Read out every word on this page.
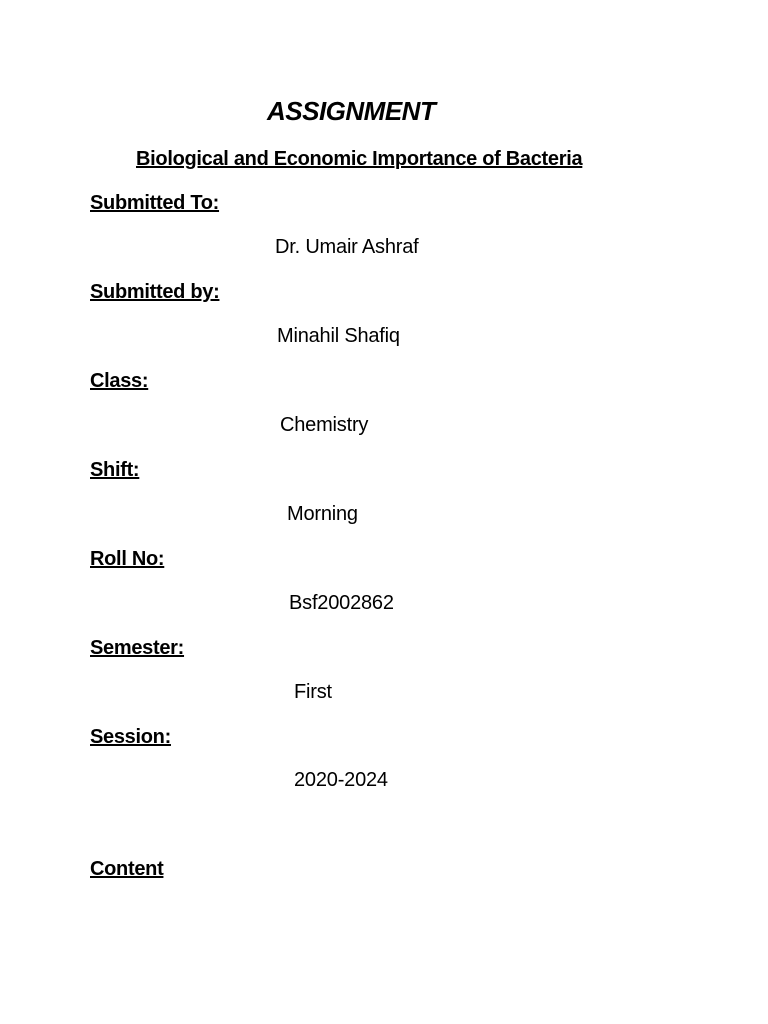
ASSIGNMENT
Biological and Economic Importance of Bacteria
Submitted To:
Dr. Umair Ashraf
Submitted by:
Minahil Shafiq
Class:
Chemistry
Shift:
Morning
Roll No:
Bsf2002862
Semester:
First
Session:
2020-2024
Content
